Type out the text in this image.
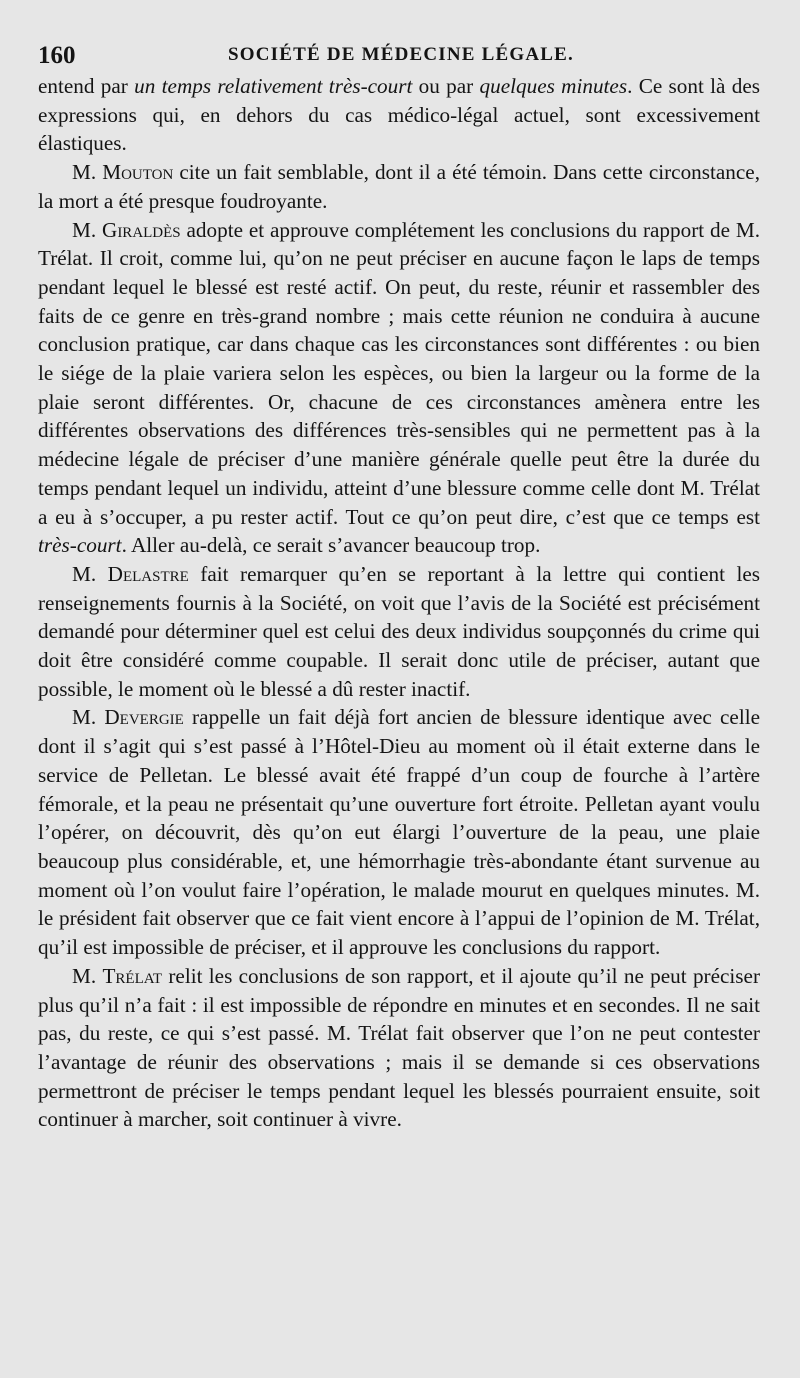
160	SOCIÉTÉ DE MÉDECINE LÉGALE.

entend par un temps relativement très-court ou par quelques minutes. Ce sont là des expressions qui, en dehors du cas médico-légal actuel, sont excessivement élastiques.

M. Mouton cite un fait semblable, dont il a été témoin. Dans cette circonstance, la mort a été presque foudroyante.

M. Giraldès adopte et approuve complétement les conclusions du rapport de M. Trélat. Il croit, comme lui, qu’on ne peut préciser en aucune façon le laps de temps pendant lequel le blessé est resté actif. On peut, du reste, réunir et rassembler des faits de ce genre en très-grand nombre ; mais cette réunion ne conduira à aucune conclusion pratique, car dans chaque cas les circonstances sont différentes : ou bien le siége de la plaie variera selon les espèces, ou bien la largeur ou la forme de la plaie seront différentes. Or, chacune de ces circonstances amènera entre les différentes observations des différences très-sensibles qui ne permettent pas à la médecine légale de préciser d’une manière générale quelle peut être la durée du temps pendant lequel un individu, atteint d’une blessure comme celle dont M. Trélat a eu à s’occuper, a pu rester actif. Tout ce qu’on peut dire, c’est que ce temps est très-court. Aller au-delà, ce serait s’avancer beaucoup trop.

M. Delastre fait remarquer qu’en se reportant à la lettre qui contient les renseignements fournis à la Société, on voit que l’avis de la Société est précisément demandé pour déterminer quel est celui des deux individus soupçonnés du crime qui doit être considéré comme coupable. Il serait donc utile de préciser, autant que possible, le moment où le blessé a dû rester inactif.

M. Devergie rappelle un fait déjà fort ancien de blessure identique avec celle dont il s’agit qui s’est passé à l’Hôtel-Dieu au moment où il était externe dans le service de Pelletan. Le blessé avait été frappé d’un coup de fourche à l’artère fémorale, et la peau ne présentait qu’une ouverture fort étroite. Pelletan ayant voulu l’opérer, on découvrit, dès qu’on eut élargi l’ouverture de la peau, une plaie beaucoup plus considérable, et, une hémorrhagie très-abondante étant survenue au moment où l’on voulut faire l’opération, le malade mourut en quelques minutes. M. le président fait observer que ce fait vient encore à l’appui de l’opinion de M. Trélat, qu’il est impossible de préciser, et il approuve les conclusions du rapport.

M. Trélat relit les conclusions de son rapport, et il ajoute qu’il ne peut préciser plus qu’il n’a fait : il est impossible de répondre en minutes et en secondes. Il ne sait pas, du reste, ce qui s’est passé. M. Trélat fait observer que l’on ne peut contester l’avantage de réunir des observations ; mais il se demande si ces observations permettront de préciser le temps pendant lequel les blessés pourraient ensuite, soit continuer à marcher, soit continuer à vivre.
